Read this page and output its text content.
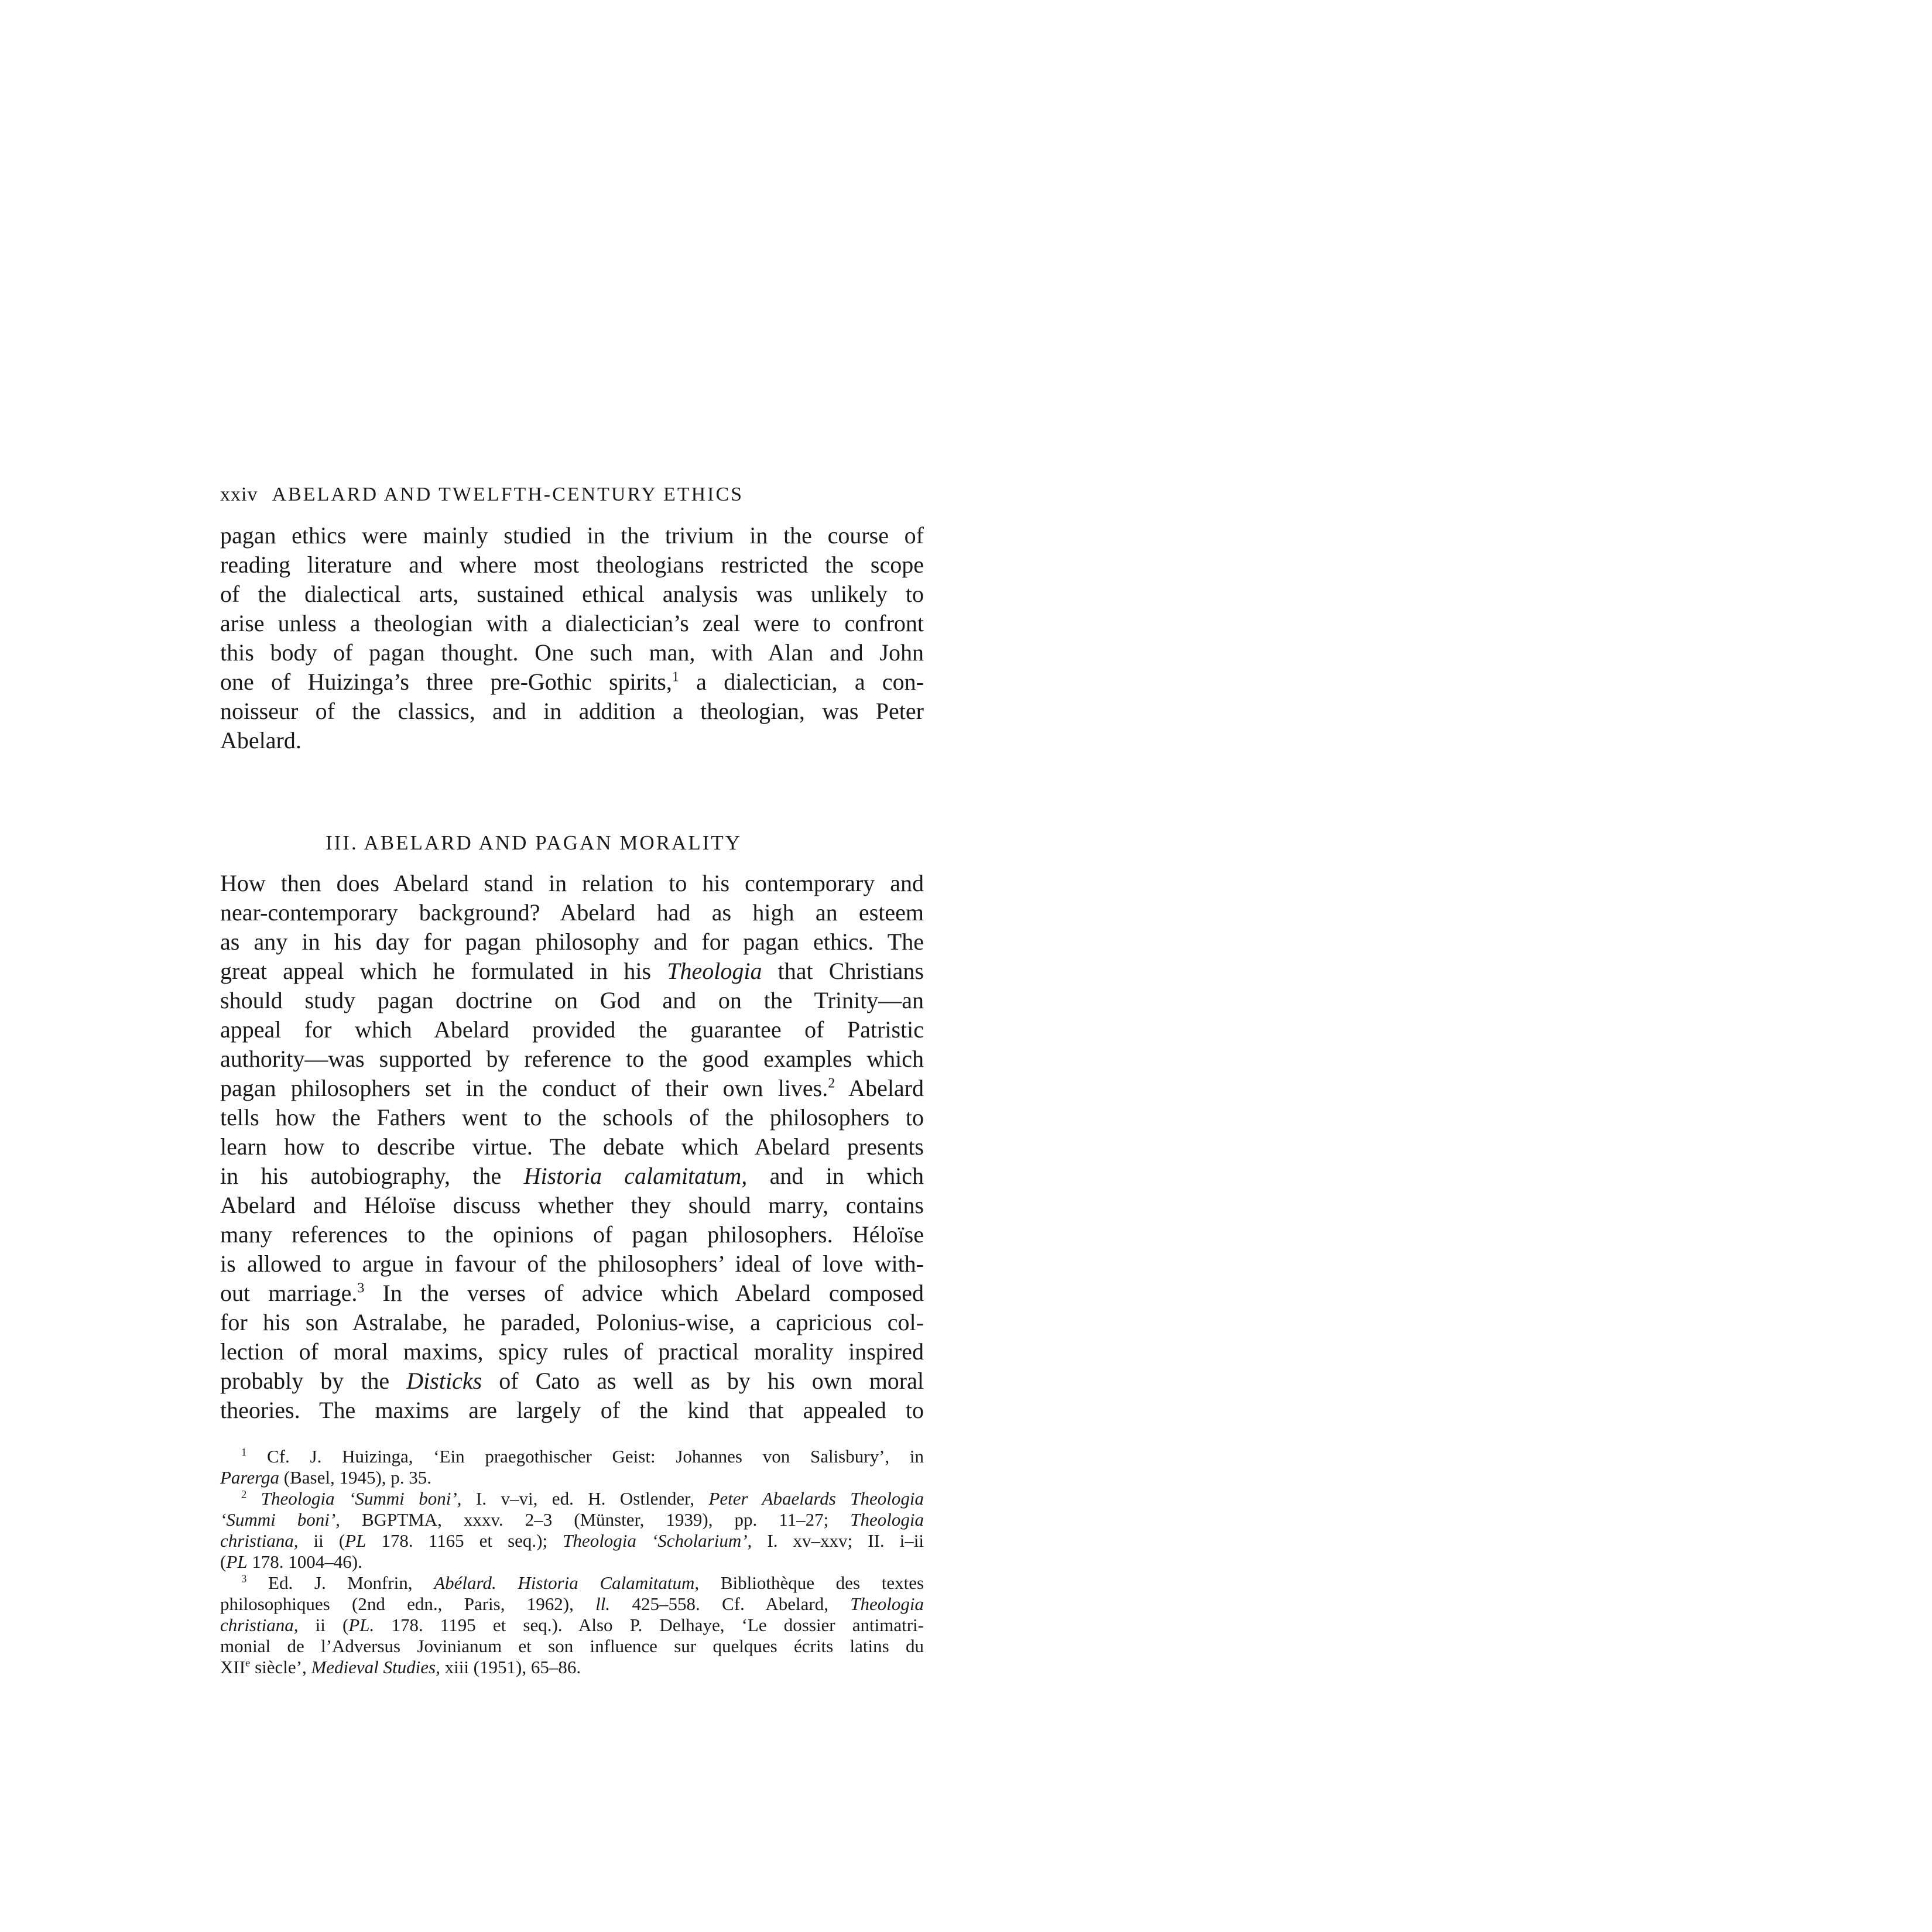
xxiv ABELARD AND TWELFTH-CENTURY ETHICS
pagan ethics were mainly studied in the trivium in the course of
reading literature and where most theologians restricted the scope
of the dialectical arts, sustained ethical analysis was unlikely to
arise unless a theologian with a dialectician’s zeal were to confront
this body of pagan thought. One such man, with Alan and John
one of Huizinga’s three pre-Gothic spirits,$^1$ a dialectician, a con-
noisseur of the classics, and in addition a theologian, was Peter
Abelard.
III. ABELARD AND PAGAN MORALITY
How then does Abelard stand in relation to his contemporary and
near-contemporary background? Abelard had as high an esteem
as any in his day for pagan philosophy and for pagan ethics. The
great appeal which he formulated in his Theologia that Christians
should study pagan doctrine on God and on the Trinity—an
appeal for which Abelard provided the guarantee of Patristic
authority—was supported by reference to the good examples which
pagan philosophers set in the conduct of their own lives.$^2$ Abelard
tells how the Fathers went to the schools of the philosophers to
learn how to describe virtue. The debate which Abelard presents
in his autobiography, the Historia calamitatum, and in which
Abelard and Héloïse discuss whether they should marry, contains
many references to the opinions of pagan philosophers. Héloïse
is allowed to argue in favour of the philosophers’ ideal of love with-
out marriage.$^3$ In the verses of advice which Abelard composed
for his son Astralabe, he paraded, Polonius-wise, a capricious col-
lection of moral maxims, spicy rules of practical morality inspired
probably by the Disticks of Cato as well as by his own moral
theories. The maxims are largely of the kind that appealed to
$^1$ Cf. J. Huizinga, ‘Ein praegothischer Geist: Johannes von Salisbury’, in
Parerga (Basel, 1945), p. 35.
$^2$ Theologia ‘Summi boni’, I. v–vi, ed. H. Ostlender, Peter Abaelards Theologia
‘Summi boni’, BGPTMA, xxxv. 2–3 (Münster, 1939), pp. 11–27; Theologia
christiana, ii (PL 178. 1165 et seq.); Theologia ‘Scholarium’, I. xv–xxv; II. i–ii
(PL 178. 1004–46).
$^3$ Ed. J. Monfrin, Abélard. Historia Calamitatum, Bibliothèque des textes
philosophiques (2nd edn., Paris, 1962), ll. 425–558. Cf. Abelard, Theologia
christiana, ii (PL. 178. 1195 et seq.). Also P. Delhaye, ‘Le dossier antimatri-
monial de l’Adversus Jovinianum et son influence sur quelques écrits latins du
XIIe siècle’, Medieval Studies, xiii (1951), 65–86.
